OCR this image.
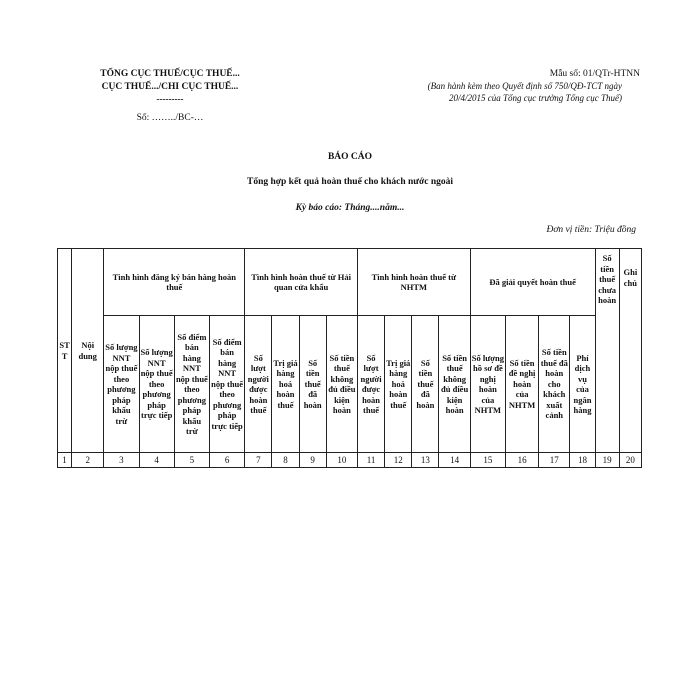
TỔNG CỤC THUẾ/CỤC THUẾ...
CỤC THUẾ.../CHI CỤC THUẾ...
---------
Số: ……../BC-…
Mẫu số: 01/QTr-HTNN
(Ban hành kèm theo Quyết định số 750/QĐ-TCT ngày
20/4/2015 của Tổng cục trưởng Tổng cục Thuế)
BÁO CÁO
Tổng hợp kết quả hoàn thuế cho khách nước ngoài
Kỳ báo cáo: Tháng....năm...
Đơn vị tiền: Triệu đồng
STT	Nội dung	Tình hình đăng ký bán hàng hoàn thuế				Tình hình hoàn thuế từ Hải quan cửa khẩu				Tình hình hoàn thuế từ NHTM				Đã giải quyết hoàn thuế				Số tiền thuế chưa hoàn	Ghi chú
		Số lượng NNT nộp thuế theo phương pháp khấu trừ	Số lượng NNT nộp thuế theo phương pháp trực tiếp	Số điểm bán hàng NNT nộp thuế theo phương pháp khấu trừ	Số điểm bán hàng NNT nộp thuế theo phương pháp trực tiếp	Số lượt người được hoàn thuế	Trị giá hàng hoá hoàn thuế	Số tiền thuế đã hoàn	Số tiền thuế không đủ điều kiện hoàn	Số lượt người được hoàn thuế	Trị giá hàng hoá hoàn thuế	Số tiền thuế đã hoàn	Số tiền thuế không đủ điều kiện hoàn	Số lượng hồ sơ đề nghị hoàn của NHTM	Số tiền đề nghị hoàn của NHTM	Số tiền thuế đã hoàn cho khách xuất cảnh	Phí dịch vụ của ngân hàng		
1	2	3	4	5	6	7	8	9	10	11	12	13	14	15	16	17	18	19	20
